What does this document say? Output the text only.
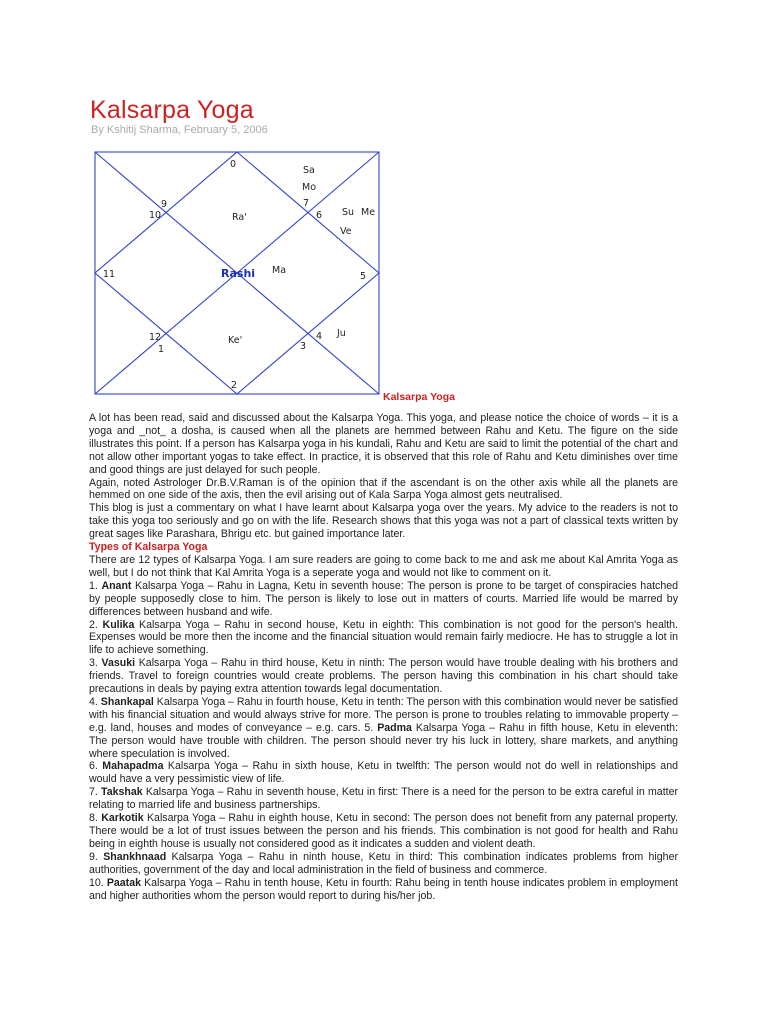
Kalsarpa Yoga
By Kshitij Sharma, February 5, 2006
0
9
10
11
12
1
2
3
4
5
6
7
Sa
Mo
Su Me
Ve
Ra'
Ma
Ke'
Ju
Rashi
Kalsarpa Yoga

A lot has been read, said and discussed about the Kalsarpa Yoga. This yoga, and please notice the choice of words – it is a yoga and _not_ a dosha, is caused when all the planets are hemmed between Rahu and Ketu. The figure on the side illustrates this point. If a person has Kalsarpa yoga in his kundali, Rahu and Ketu are said to limit the potential of the chart and not allow other important yogas to take effect. In practice, it is observed that this role of Rahu and Ketu diminishes over time and good things are just delayed for such people.

Again, noted Astrologer Dr.B.V.Raman is of the opinion that if the ascendant is on the other axis while all the planets are hemmed on one side of the axis, then the evil arising out of Kala Sarpa Yoga almost gets neutralised.

This blog is just a commentary on what I have learnt about Kalsarpa yoga over the years. My advice to the readers is not to take this yoga too seriously and go on with the life. Research shows that this yoga was not a part of classical texts written by great sages like Parashara, Bhrigu etc. but gained importance later.

Types of Kalsarpa Yoga

There are 12 types of Kalsarpa Yoga. I am sure readers are going to come back to me and ask me about Kal Amrita Yoga as well, but I do not think that Kal Amrita Yoga is a seperate yoga and would not like to comment on it.

1. Anant Kalsarpa Yoga – Rahu in Lagna, Ketu in seventh house: The person is prone to be target of conspiracies hatched by people supposedly close to him. The person is likely to lose out in matters of courts. Married life would be marred by differences between husband and wife.

2. Kulika Kalsarpa Yoga – Rahu in second house, Ketu in eighth: This combination is not good for the person's health. Expenses would be more then the income and the financial situation would remain fairly mediocre. He has to struggle a lot in life to achieve something.

3. Vasuki Kalsarpa Yoga – Rahu in third house, Ketu in ninth: The person would have trouble dealing with his brothers and friends. Travel to foreign countries would create problems. The person having this combination in his chart should take precautions in deals by paying extra attention towards legal documentation.

4. Shankapal Kalsarpa Yoga – Rahu in fourth house, Ketu in tenth: The person with this combination would never be satisfied with his financial situation and would always strive for more. The person is prone to troubles relating to immovable property – e.g. land, houses and modes of conveyance – e.g. cars. 5. Padma Kalsarpa Yoga – Rahu in fifth house, Ketu in eleventh: The person would have trouble with children. The person should never try his luck in lottery, share markets, and anything where speculation is involved.

6. Mahapadma Kalsarpa Yoga – Rahu in sixth house, Ketu in twelfth: The person would not do well in relationships and would have a very pessimistic view of life.

7. Takshak Kalsarpa Yoga – Rahu in seventh house, Ketu in first: There is a need for the person to be extra careful in matter relating to married life and business partnerships.

8. Karkotik Kalsarpa Yoga – Rahu in eighth house, Ketu in second: The person does not benefit from any paternal property. There would be a lot of trust issues between the person and his friends. This combination is not good for health and Rahu being in eighth house is usually not considered good as it indicates a sudden and violent death.

9. Shankhnaad Kalsarpa Yoga – Rahu in ninth house, Ketu in third: This combination indicates problems from higher authorities, government of the day and local administration in the field of business and commerce.

10. Paatak Kalsarpa Yoga – Rahu in tenth house, Ketu in fourth: Rahu being in tenth house indicates problem in employment and higher authorities whom the person would report to during his/her job.
